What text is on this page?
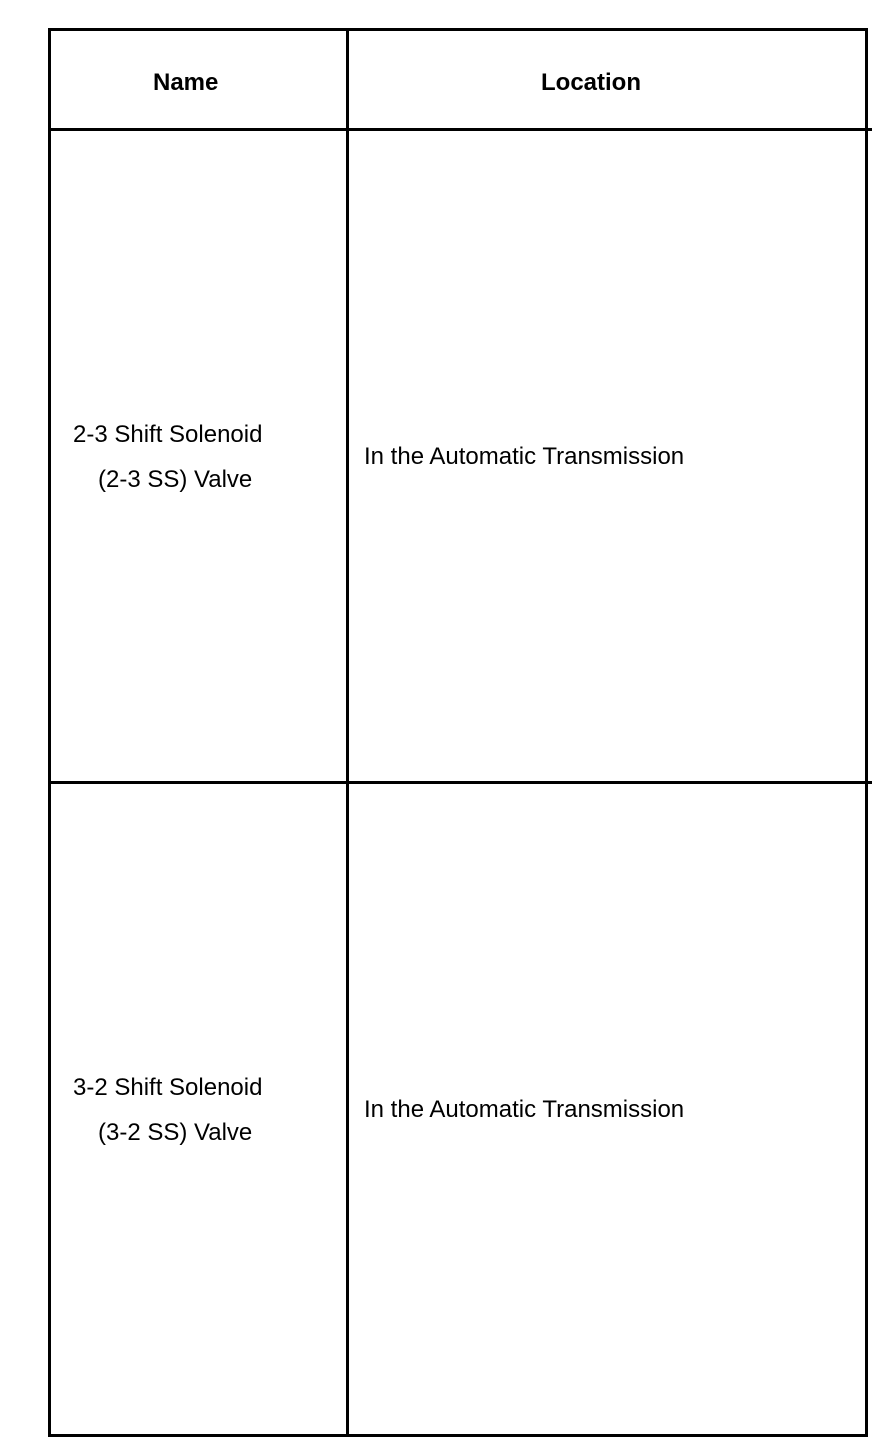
Name	Location
2-3 Shift Solenoid
(2-3 SS) Valve
In the Automatic Transmission
3-2 Shift Solenoid
(3-2 SS) Valve
In the Automatic Transmission
